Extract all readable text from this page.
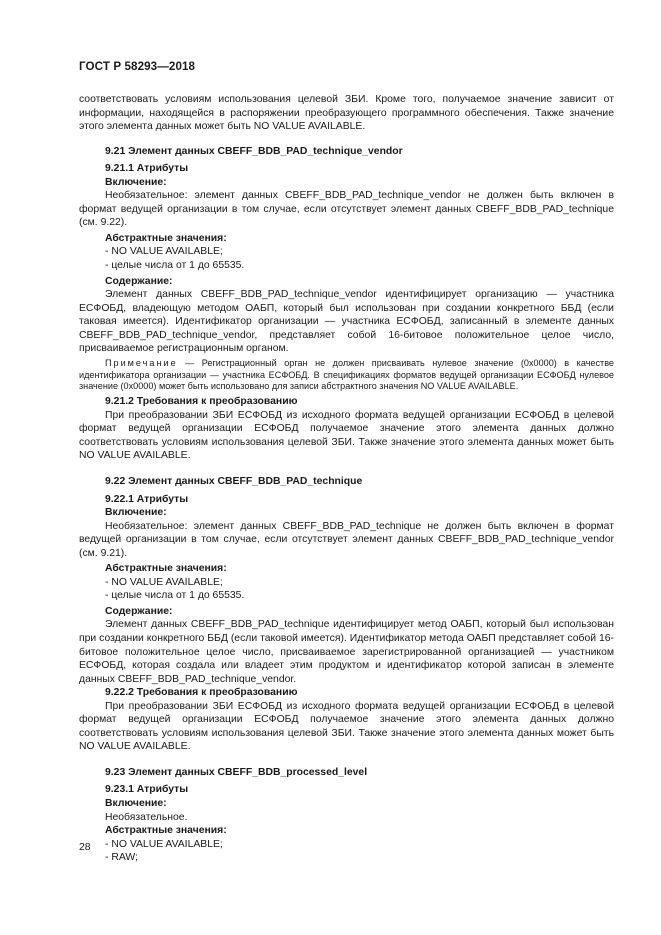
ГОСТ Р 58293—2018

соответствовать условиям использования целевой ЗБИ. Кроме того, получаемое значение зависит от информации, находящейся в распоряжении преобразующего программного обеспечения. Также значение этого элемента данных может быть NO VALUE AVAILABLE.

9.21 Элемент данных CBEFF_BDB_PAD_technique_vendor
9.21.1 Атрибуты
Включение:

Необязательное: элемент данных CBEFF_BDB_PAD_technique_vendor не должен быть включен в формат ведущей организации в том случае, если отсутствует элемент данных CBEFF_BDB_PAD_technique (см. 9.22).

Абстрактные значения:
- NO VALUE AVAILABLE;
- целые числа от 1 до 65535.
Содержание:

Элемент данных CBEFF_BDB_PAD_technique_vendor идентифицирует организацию — участника ЕСФОБД, владеющую методом ОАБП, который был использован при создании конкретного ББД (если таковая имеется). Идентификатор организации — участника ЕСФОБД, записанный в элементе данных CBEFF_BDB_PAD_technique_vendor, представляет собой 16-битовое положительное целое число, присваиваемое регистрационным органом.

Примечание — Регистрационный орган не должен присваивать нулевое значение (0x0000) в качестве идентификатора организации — участника ЕСФОБД. В спецификациях форматов ведущей организации ЕСФОБД нулевое значение (0x0000) может быть использовано для записи абстрактного значения NO VALUE AVAILABLE.

9.21.2 Требования к преобразованию

При преобразовании ЗБИ ЕСФОБД из исходного формата ведущей организации ЕСФОБД в целевой формат ведущей организации ЕСФОБД получаемое значение этого элемента данных должно соответствовать условиям использования целевой ЗБИ. Также значение этого элемента данных может быть NO VALUE AVAILABLE.

9.22 Элемент данных CBEFF_BDB_PAD_technique
9.22.1 Атрибуты
Включение:

Необязательное: элемент данных CBEFF_BDB_PAD_technique не должен быть включен в формат ведущей организации в том случае, если отсутствует элемент данных CBEFF_BDB_PAD_technique_vendor (см. 9.21).

Абстрактные значения:
- NO VALUE AVAILABLE;
- целые числа от 1 до 65535.
Содержание:

Элемент данных CBEFF_BDB_PAD_technique идентифицирует метод ОАБП, который был использован при создании конкретного ББД (если таковой имеется). Идентификатор метода ОАБП представляет собой 16-битовое положительное целое число, присваиваемое зарегистрированной организацией — участником ЕСФОБД, которая создала или владеет этим продуктом и идентификатор которой записан в элементе данных CBEFF_BDB_PAD_technique_vendor.

9.22.2 Требования к преобразованию

При преобразовании ЗБИ ЕСФОБД из исходного формата ведущей организации ЕСФОБД в целевой формат ведущей организации ЕСФОБД получаемое значение этого элемента данных должно соответствовать условиям использования целевой ЗБИ. Также значение этого элемента данных может быть NO VALUE AVAILABLE.

9.23 Элемент данных CBEFF_BDB_processed_level
9.23.1 Атрибуты
Включение:
Необязательное.
Абстрактные значения:
- NO VALUE AVAILABLE;
- RAW;
28
